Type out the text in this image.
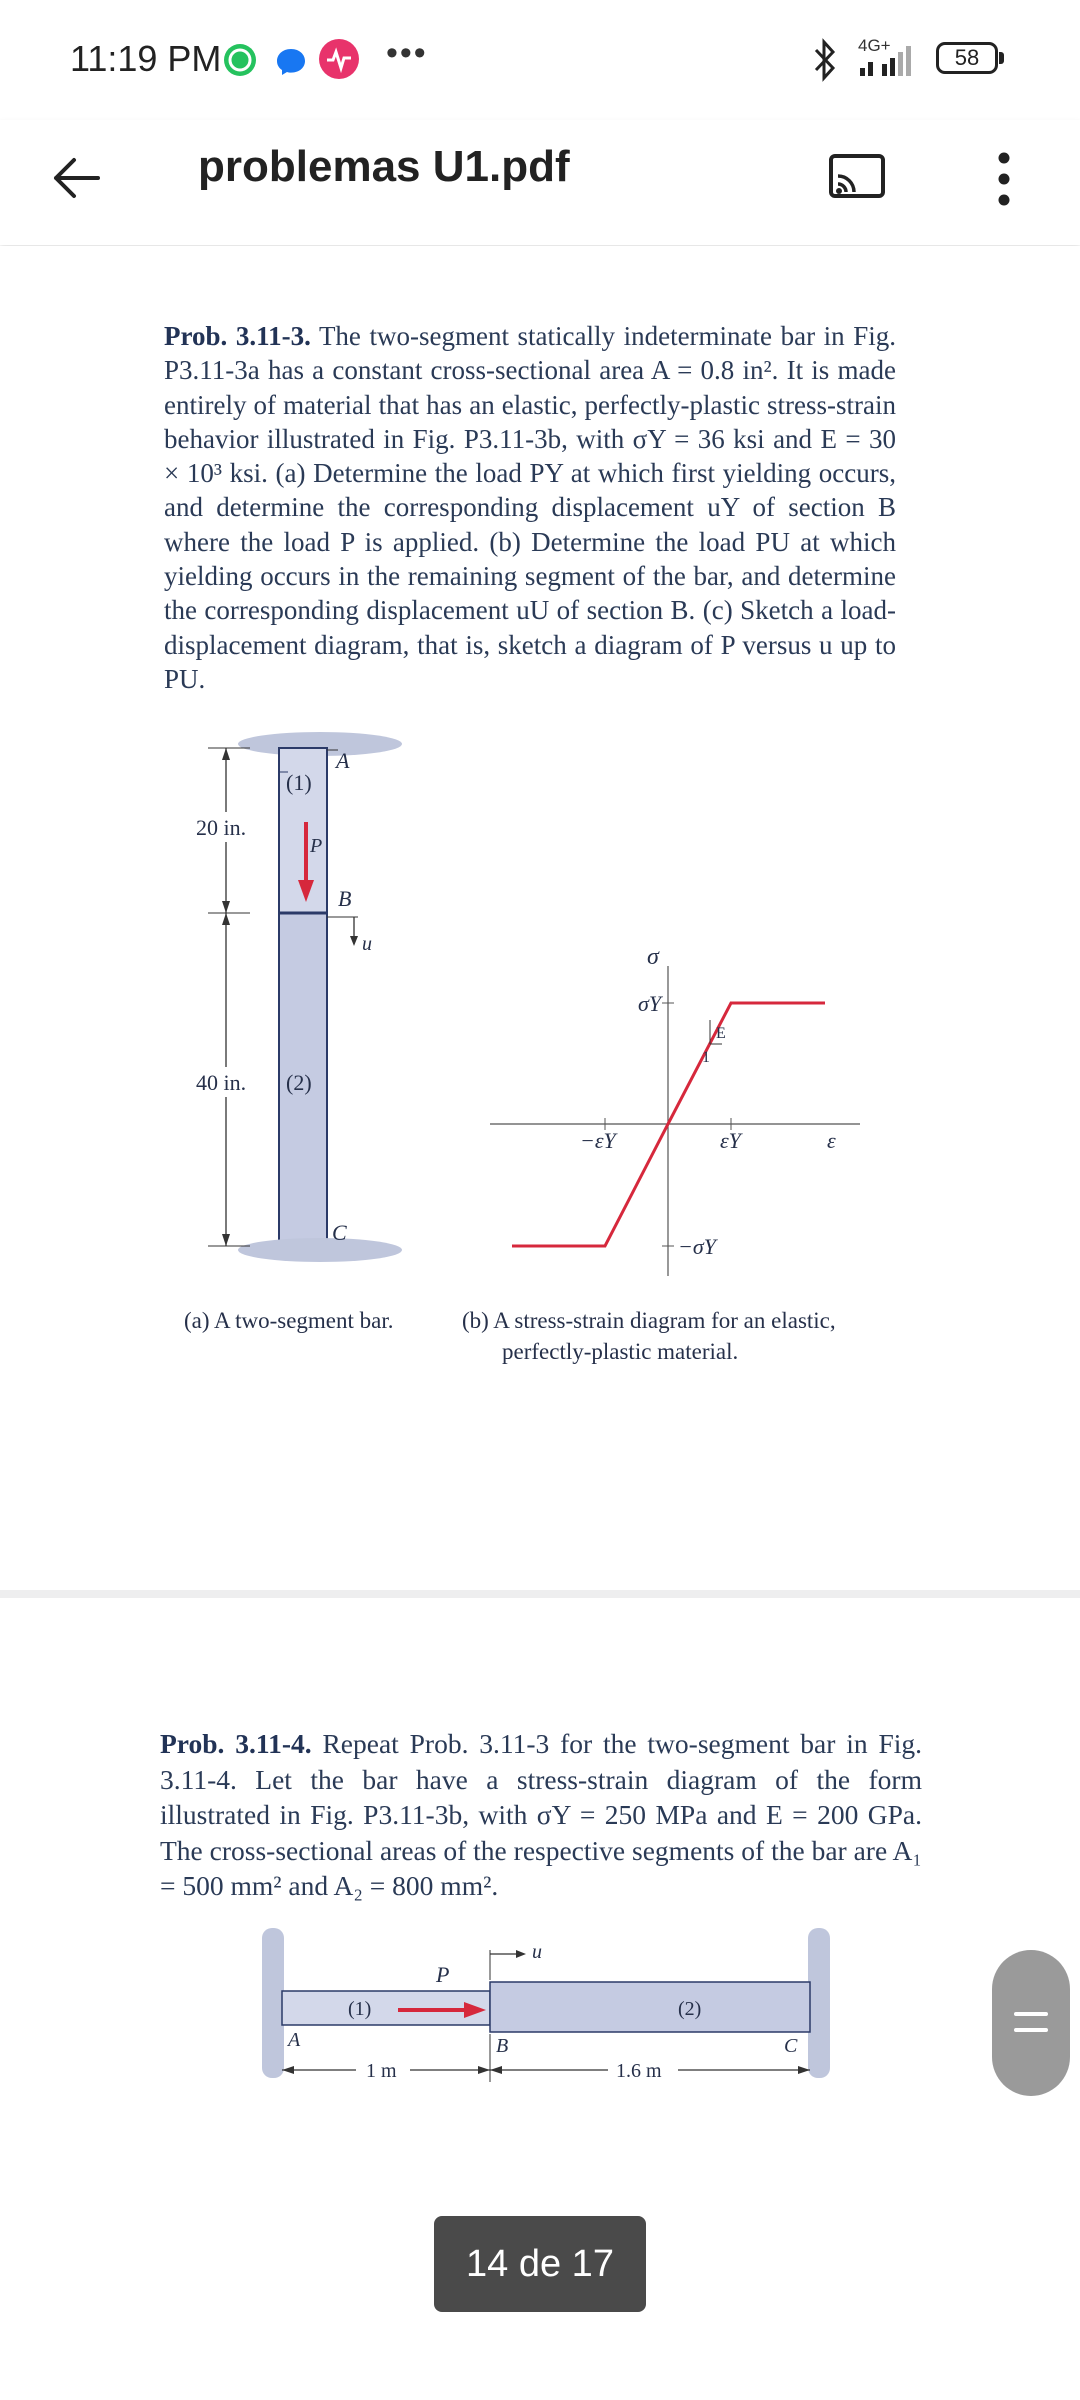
11:19 PM	•••	4G+	58
problemas U1.pdf
Prob. 3.11-3. The two-segment statically indeterminate bar in Fig. P3.11-3a has a constant cross-sectional area A = 0.8 in². It is made entirely of material that has an elastic, perfectly-plastic stress-strain behavior illustrated in Fig. P3.11-3b, with σY = 36 ksi and E = 30 × 10³ ksi. (a) Determine the load PY at which first yielding occurs, and determine the corresponding displacement uY of section B where the load P is applied. (b) Determine the load PU at which yielding occurs in the remaining segment of the bar, and determine the corresponding displacement uU of section B. (c) Sketch a load-displacement diagram, that is, sketch a diagram of P versus u up to PU.
20 in.
40 in.
(1)
(2)
A
B
C
P
u
E
1
σ
σY
−σY
−εY	εY	ε
(a) A two-segment bar.	(b) A stress-strain diagram for an elastic,
perfectly-plastic material.
Prob. 3.11-4. Repeat Prob. 3.11-3 for the two-segment bar in Fig. 3.11-4. Let the bar have a stress-strain diagram of the form illustrated in Fig. P3.11-3b, with σY = 250 MPa and E = 200 GPa. The cross-sectional areas of the respective segments of the bar are A₁ = 500 mm² and A₂ = 800 mm².
(1)	(2)
P
u
A	B	C
1 m	1.6 m
14 de 17
